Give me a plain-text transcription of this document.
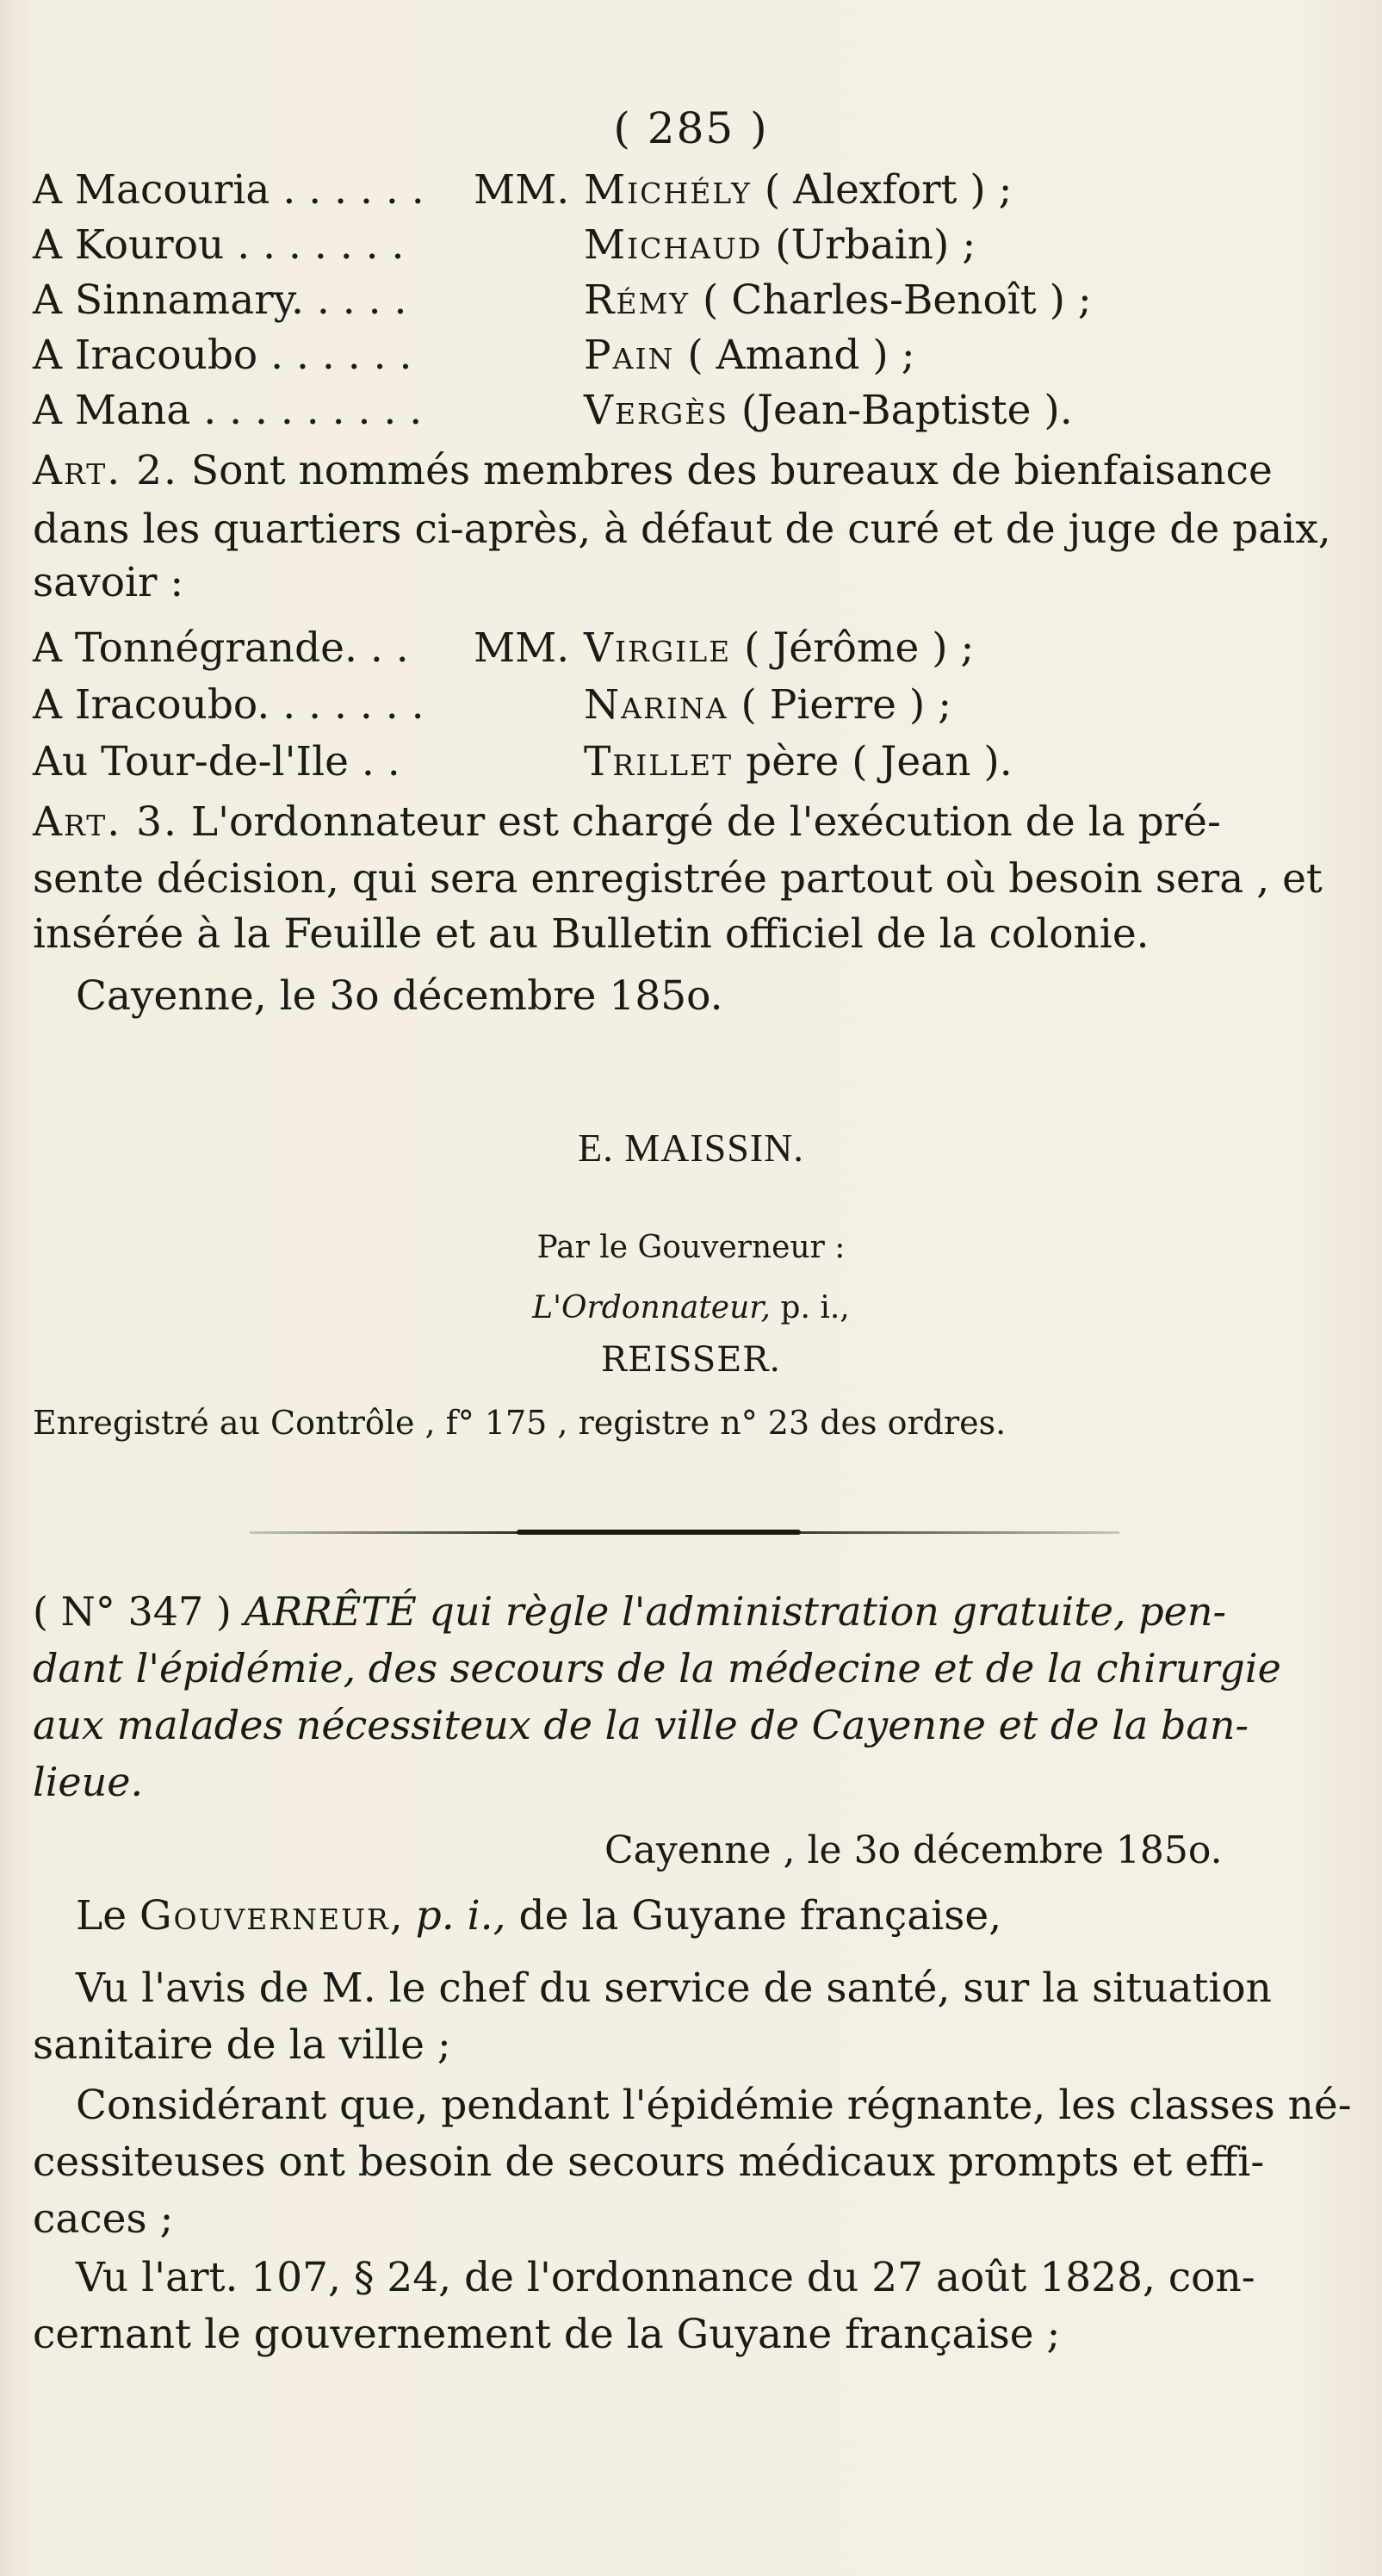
( 285 )
A Macouria . . . . . . MM. Michély ( Alexfort ) ;
A Kourou . . . . . . .	Michaud (Urbain) ;
A Sinnamary. . . . .	Rémy ( Charles-Benoît ) ;
A Iracoubo . . . . . .	Pain ( Amand ) ;
A Mana . . . . . . . . .	Vergès (Jean-Baptiste ).
Art. 2. Sont nommés membres des bureaux de bienfaisance
dans les quartiers ci-après, à défaut de curé et de juge de paix,
savoir :
A Tonnégrande. . . MM. Virgile ( Jérôme ) ;
A Iracoubo. . . . . . .	Narina ( Pierre ) ;
Au Tour-de-l'Ile . .	Trillet père ( Jean ).
Art. 3. L'ordonnateur est chargé de l'exécution de la pré-
sente décision, qui sera enregistrée partout où besoin sera , et
insérée à la Feuille et au Bulletin officiel de la colonie.
Cayenne, le 3o décembre 185o.
E. MAISSIN.
Par le Gouverneur :
L'Ordonnateur, p. i.,
REISSER.
Enregistré au Contrôle , f° 175 , registre n° 23 des ordres.
( N° 347 ) ARRÊTÉ qui règle l'administration gratuite, pen-
dant l'épidémie, des secours de la médecine et de la chirurgie
aux malades nécessiteux de la ville de Cayenne et de la ban-
lieue.
Cayenne , le 3o décembre 185o.
Le Gouverneur, p. i., de la Guyane française,
Vu l'avis de M. le chef du service de santé, sur la situation
sanitaire de la ville ;
Considérant que, pendant l'épidémie régnante, les classes né-
cessiteuses ont besoin de secours médicaux prompts et effi-
caces ;
Vu l'art. 107, § 24, de l'ordonnance du 27 août 1828, con-
cernant le gouvernement de la Guyane française ;
